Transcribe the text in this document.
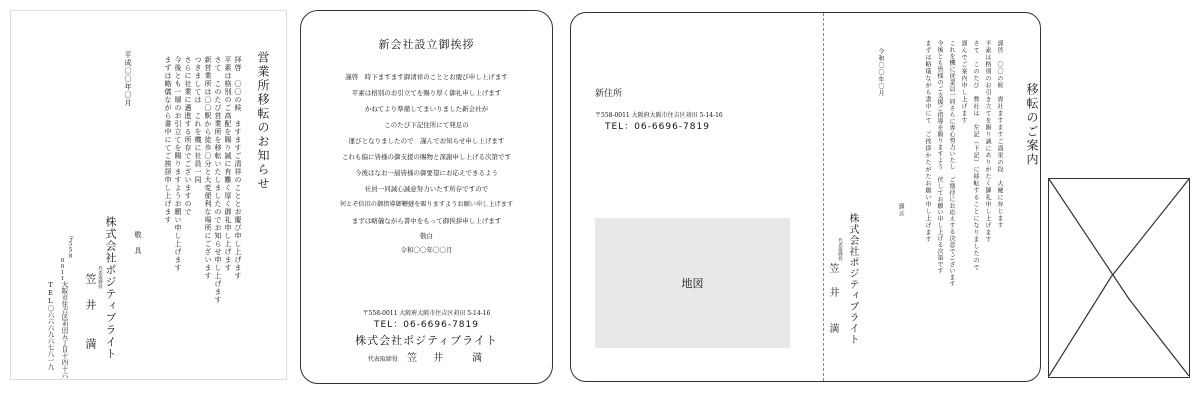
営業所移転のお知らせ
拝啓　〇〇の候　ますますご清祥のこととお慶び申し上げます
平素は格別のご高配を賜り誠に有難く厚く御礼申し上げます
さて　このたび営業所を移転いたしましたのでお知らせ申し上げます
新営業所は〇〇駅から徒歩〇分と大変便利な場所にございます
つきましては　これを機に社員一同
さらに社業に邁進する所存でございますので
今後とも一層のお引立てを賜りますようお願い申し上げます
まずは略儀ながら書中にてご挨拶申し上げます
敬　具
平成〇〇年〇月
株式会社ポジティブライト
代表取締役
笠　井　　満
〒558
0011
大阪市住吉区苅田五丁目十四十六
TEL〇六六六九六七八一九
新会社設立御挨拶
謹啓　時下ますます御清祥のこととお慶び申し上げます
平素は格別のお引立てを賜り厚く御礼申し上げます
かねてより準備してまいりました新会社が
このたび下記住所にて発足の
運びとなりましたので　謹んでお知らせ申し上げます
これも偏に皆様の御支援の賜物と深謝申し上げる次第です
今後はなお一層皆様の御要望にお応えできるよう
社員一同誠心誠意努力いたす所存ですので
何とぞ倍旧の御指導御鞭撻を賜りますようお願い申し上げます
まずは略儀ながら書中をもって御挨拶申し上げます
敬白
令和〇〇年〇〇月
〒558-0011 大阪府大阪市住吉区苅田 5-14-16
TEL：06-6696-7819
株式会社ポジティブライト
代表取締役 笠　井　　満
新住所
〒558-0011 大阪府大阪市住吉区苅田 5-14-16
TEL：06-6696-7819
地図
移転のご案内
謹啓　〇〇の候　貴社ますますご盛栄の段　大慶に存じます
平素は格別のお引き立てを賜り誠にありがたく御礼申し上げます
さて　このたび　弊社は　左記（下記）に移転することになりましたので
謹んでご案内申し上げます
これを機に従業員一同さらに専心努力いたし　ご期待にお応えする決意でございます
今後とも皆様のご支援ご指導を賜りますよう　伏してお願い申し上げる次第です
まずは略儀ながら書中にて　ご挨拶かたがたお願い申し上げます
謹言
令和〇〇年〇月
株式会社ポジティブライト
代表取締役
笠　井　　満
